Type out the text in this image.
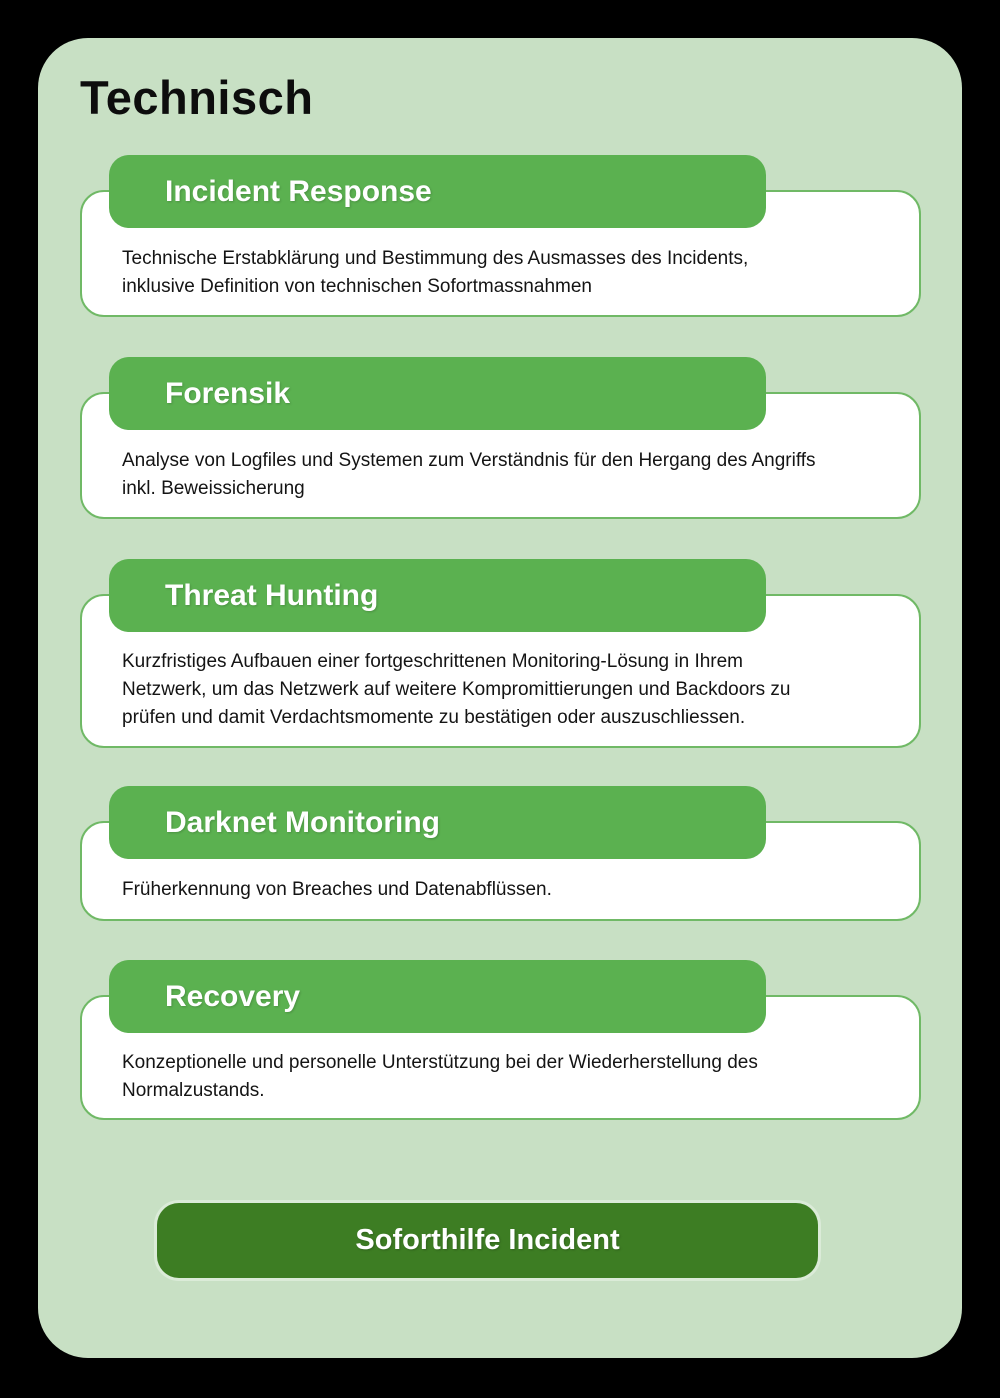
Technisch
Incident Response

Technische Erstabklärung und Bestimmung des Ausmasses des Incidents, inklusive Definition von technischen Sofortmassnahmen

Forensik

Analyse von Logfiles und Systemen zum Verständnis für den Hergang des Angriffs inkl. Beweissicherung

Threat Hunting

Kurzfristiges Aufbauen einer fortgeschrittenen Monitoring-Lösung in Ihrem Netzwerk, um das Netzwerk auf weitere Kompromittierungen und Backdoors zu prüfen und damit Verdachtsmomente zu bestätigen oder auszuschliessen.

Darknet Monitoring

Früherkennung von Breaches und Datenabflüssen.

Recovery

Konzeptionelle und personelle Unterstützung bei der Wiederherstellung des Normalzustands.

Soforthilfe Incident
